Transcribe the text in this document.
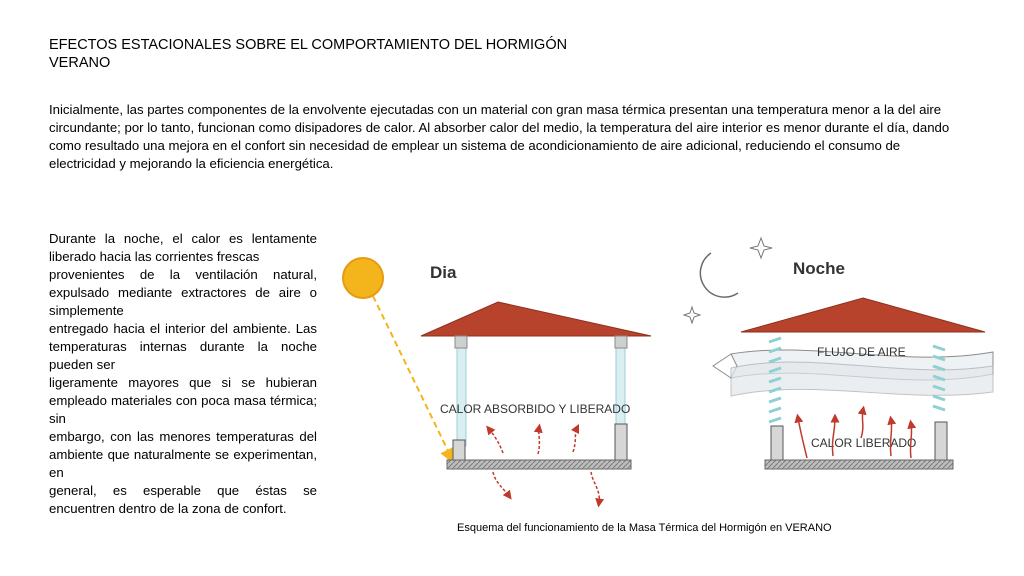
EFECTOS ESTACIONALES SOBRE EL COMPORTAMIENTO DEL HORMIGÓN
VERANO
Inicialmente, las partes componentes de la envolvente ejecutadas con un material con gran masa térmica presentan una temperatura menor a la del aire circundante; por lo tanto, funcionan como disipadores de calor. Al absorber calor del medio, la temperatura del aire interior es menor durante el día, dando como resultado una mejora en el confort sin necesidad de emplear un sistema de acondicionamiento de aire adicional, reduciendo el consumo de electricidad y mejorando la eficiencia energética.

Durante la noche, el calor es lentamente liberado hacia las corrientes frescas

provenientes de la ventilación natural, expulsado mediante extractores de aire o simplemente

entregado hacia el interior del ambiente. Las temperaturas internas durante la noche pueden ser

ligeramente mayores que si se hubieran empleado materiales con poca masa térmica; sin

embargo, con las menores temperaturas del ambiente que naturalmente se experimentan, en

general, es esperable que éstas se encuentren dentro de la zona de confort.

Dia
CALOR ABSORBIDO Y LIBERADO
Noche
FLUJO DE AIRE
CALOR LIBERADO
Esquema del funcionamiento de la Masa Térmica del Hormigón en VERANO
